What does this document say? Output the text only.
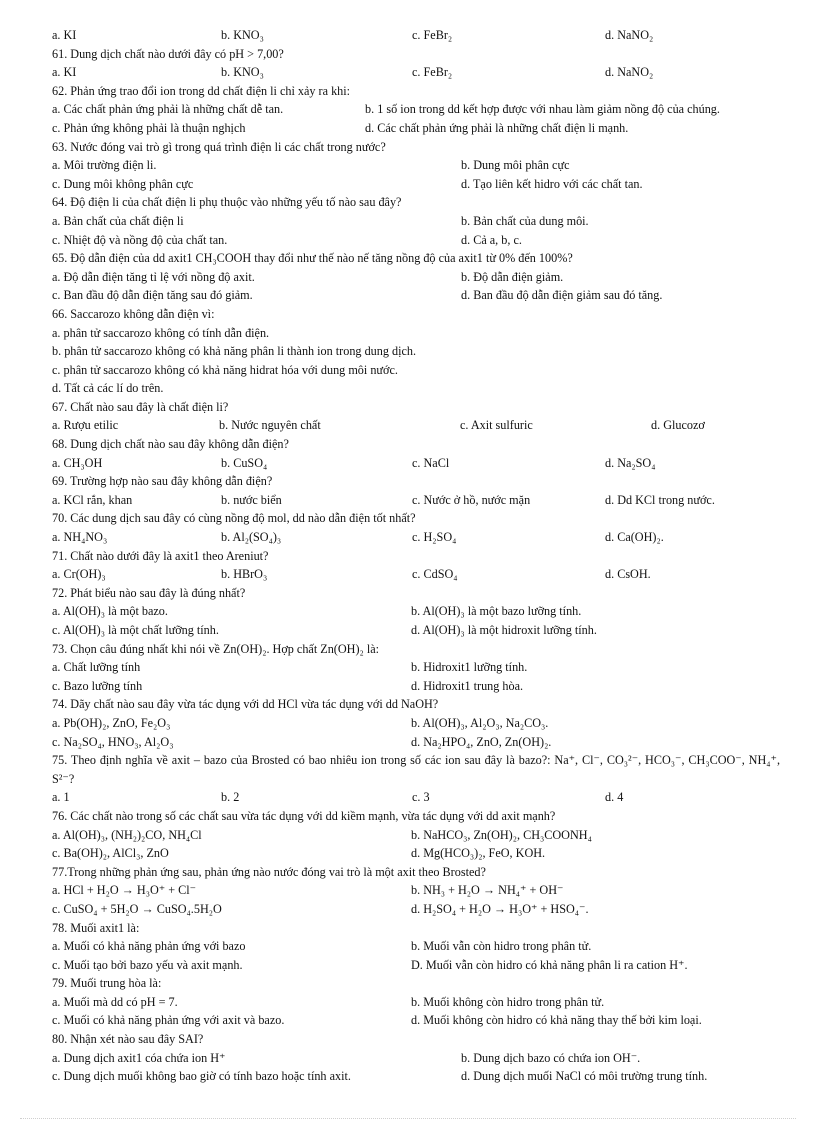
a. KI	b. KNO₃	c. FeBr₂	d. NaNO₂
61. Dung dịch chất nào dưới đây có pH > 7,00?
a. KI	b. KNO₃	c. FeBr₂	d. NaNO₂
62. Phản ứng trao đổi ion trong dd chất điện li chỉ xảy ra khi:
a. Các chất phản ứng phải là những chất dễ tan.	b. 1 số ion trong dd kết hợp được với nhau làm giảm nồng độ của chúng.
c. Phản ứng không phải là thuận nghịch	d. Các chất phản ứng phải là những chất điện li mạnh.
63. Nước đóng vai trò gì trong quá trình điện li các chất trong nước?
a. Môi trường điện li.	b. Dung môi phân cực
c. Dung môi không phân cực	d. Tạo liên kết hidro với các chất tan.
64. Độ điện li của chất điện li phụ thuộc vào những yếu tố nào sau đây?
a. Bản chất của chất điện li	b. Bản chất của dung môi.
c. Nhiệt độ và nồng độ của chất tan.	d. Cả a, b, c.
65. Độ dẫn điện của dd axit1 CH₃COOH thay đổi như thế nào nế tăng nồng độ của axit1 từ 0% đến 100%?
a. Độ dẫn điện tăng tỉ lệ với nồng độ axit.	b. Độ dẫn điện giảm.
c. Ban đầu độ dẫn điện tăng sau đó giảm.	d. Ban đầu độ dẫn điện giảm sau đó tăng.
66. Saccarozo không dẫn điện vì:
a. phân tử saccarozo không có tính dẫn điện.
b. phân tử saccarozo không có khả năng phân li thành ion trong dung dịch.
c. phân tử saccarozo không có khả năng hidrat hóa với dung môi nước.
d. Tất cả các lí do trên.
67. Chất nào sau đây là chất điện li?
a. Rượu etilic	b. Nước nguyên chất	c. Axit sulfuric	d. Glucozơ
68. Dung dịch chất nào sau đây không dẫn điện?
a. CH₃OH	b. CuSO₄	c. NaCl	d. Na₂SO₄
69. Trường hợp nào sau đây không dẫn điện?
a. KCl rắn, khan	b. nước biển	c. Nước ở hồ, nước mặn	d. Dd KCl trong nước.
70. Các dung dịch sau đây có cùng nồng độ mol, dd nào dẫn điện tốt nhất?
a. NH₄NO₃	b. Al₂(SO₄)₃	c. H₂SO₄	d. Ca(OH)₂.
71. Chất nào dưới đây là axit1 theo Areniut?
a. Cr(OH)₃	b. HBrO₃	c. CdSO₄	d. CsOH.
72. Phát biểu nào sau đây là đúng nhất?
a. Al(OH)₃ là một bazo.	b. Al(OH)₃ là một bazo lưỡng tính.
c. Al(OH)₃ là một chất lưỡng tính.	d. Al(OH)₃ là một hidroxit lưỡng tính.
73. Chọn câu đúng nhất khi nói về Zn(OH)₂. Hợp chất Zn(OH)₂ là:
a. Chất lưỡng tính	b. Hidroxit1 lưỡng tính.
c. Bazo lưỡng tính	d. Hidroxit1 trung hòa.
74. Dãy chất nào sau đây vừa tác dụng với dd HCl vừa tác dụng với dd NaOH?
a. Pb(OH)₂, ZnO, Fe₂O₃	b. Al(OH)₃, Al₂O₃, Na₂CO₃.
c. Na₂SO₄, HNO₃, Al₂O₃	d. Na₂HPO₄, ZnO, Zn(OH)₂.
75. Theo định nghĩa về axit – bazo của Brosted có bao nhiêu ion trong số các ion sau đây là bazo?: Na⁺, Cl⁻, CO₃²⁻, HCO₃⁻, CH₃COO⁻, NH₄⁺, S²⁻?
a. 1	b. 2	c. 3	d. 4
76. Các chất nào trong số các chất sau vừa tác dụng với dd kiềm mạnh, vừa tác dụng với dd axit mạnh?
a. Al(OH)₃, (NH₂)₂CO, NH₄Cl	b. NaHCO₃, Zn(OH)₂, CH₃COONH₄
c. Ba(OH)₂, AlCl₃, ZnO	d. Mg(HCO₃)₂, FeO, KOH.
77.Trong những phản ứng sau, phản ứng nào nước đóng vai trò là một axit theo Brosted?
a. HCl + H₂O → H₃O⁺ + Cl⁻	b. NH₃ + H₂O → NH₄⁺ + OH⁻
c. CuSO₄ + 5H₂O → CuSO₄.5H₂O	d. H₂SO₄ + H₂O → H₃O⁺ + HSO₄⁻.
78. Muối axit1 là:
a. Muối có khả năng phản ứng với bazo	b. Muối vẫn còn hidro trong phân tử.
c. Muối tạo bởi bazo yếu và axit mạnh.	D. Muối vẫn còn hidro có khả năng phân li ra cation H⁺.
79. Muối trung hòa là:
a. Muối mà dd có pH = 7.	b. Muối không còn hidro trong phân tử.
c. Muối có khả năng phản ứng với axit và bazo.	d. Muối không còn hidro có khả năng thay thế bởi kim loại.
80. Nhận xét nào sau đây SAI?
a. Dung dịch axit1 cóa chứa ion H⁺	b. Dung dịch bazo có chứa ion OH⁻.
c. Dung dịch muối không bao giờ có tính bazo hoặc tính axit.	d. Dung dịch muối NaCl có môi trường trung tính.
